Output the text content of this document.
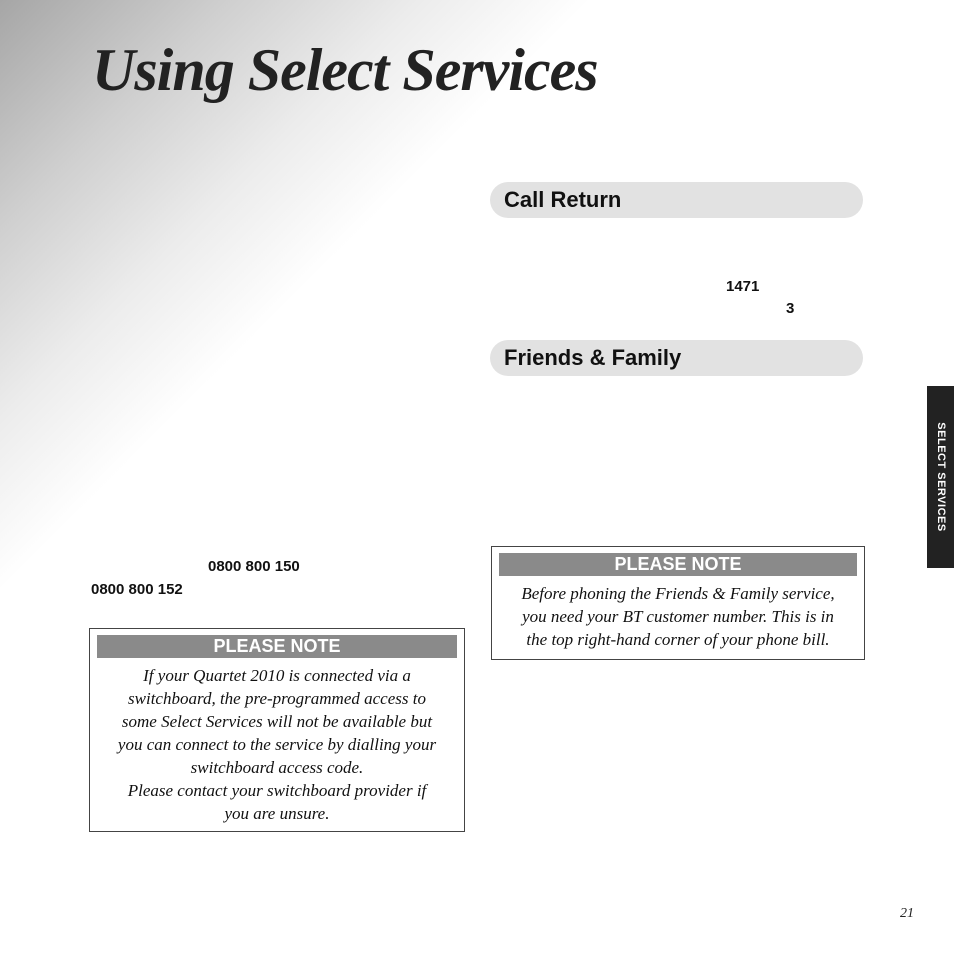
Using Select Services
Call Return
1471
3
Friends & Family
0800 800 150
0800 800 152
PLEASE NOTE
If your Quartet 2010 is connected via a
switchboard, the pre-programmed access to
some Select Services will not be available but
you can connect to the service by dialling your
switchboard access code.
Please contact your switchboard provider if
you are unsure.
PLEASE NOTE
Before phoning the Friends & Family service,
you need your BT customer number. This is in
the top right-hand corner of your phone bill.
SELECT SERVICES
21
